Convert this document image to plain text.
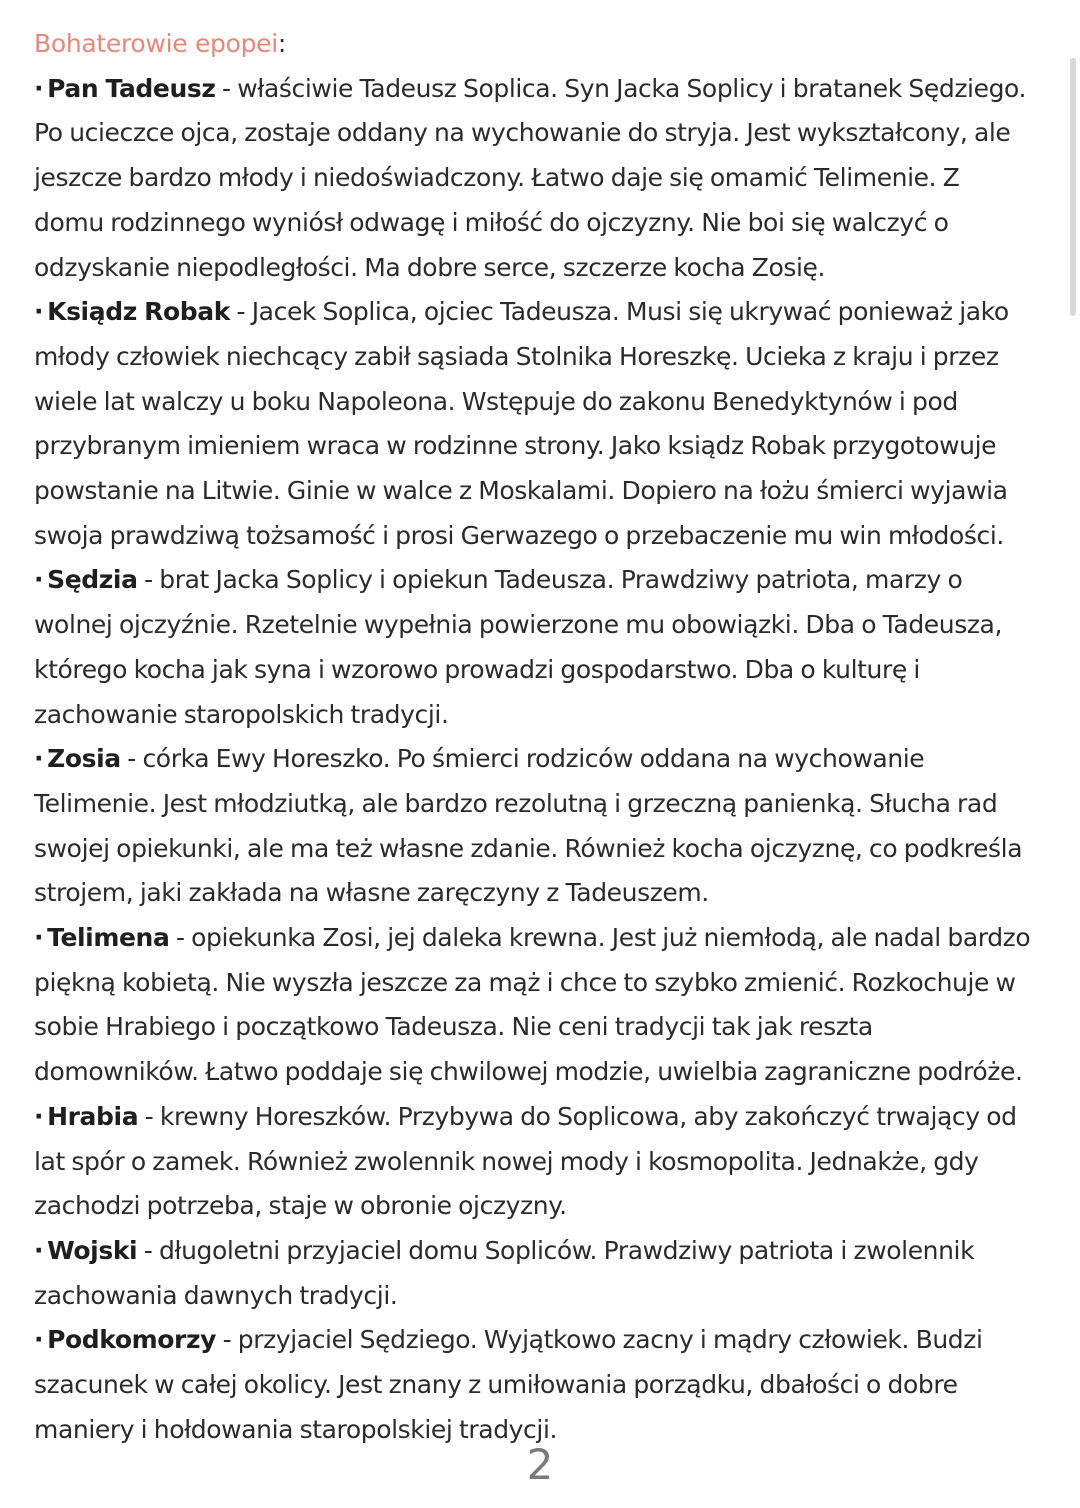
Bohaterowie epopei:

· Pan Tadeusz - właściwie Tadeusz Soplica. Syn Jacka Soplicy i bratanek Sędziego. Po ucieczce ojca, zostaje oddany na wychowanie do stryja. Jest wykształcony, ale jeszcze bardzo młody i niedoświadczony. Łatwo daje się omamić Telimenie. Z domu rodzinnego wyniósł odwagę i miłość do ojczyzny. Nie boi się walczyć o odzyskanie niepodległości. Ma dobre serce, szczerze kocha Zosię.

· Ksiądz Robak - Jacek Soplica, ojciec Tadeusza. Musi się ukrywać ponieważ jako młody człowiek niechcący zabił sąsiada Stolnika Horeszkę. Ucieka z kraju i przez wiele lat walczy u boku Napoleona. Wstępuje do zakonu Benedyktynów i pod przybranym imieniem wraca w rodzinne strony. Jako ksiądz Robak przygotowuje powstanie na Litwie. Ginie w walce z Moskalami. Dopiero na łożu śmierci wyjawia swoja prawdziwą tożsamość i prosi Gerwazego o przebaczenie mu win młodości.

· Sędzia - brat Jacka Soplicy i opiekun Tadeusza. Prawdziwy patriota, marzy o wolnej ojczyźnie. Rzetelnie wypełnia powierzone mu obowiązki. Dba o Tadeusza, którego kocha jak syna i wzorowo prowadzi gospodarstwo. Dba o kulturę i zachowanie staropolskich tradycji.

· Zosia - córka Ewy Horeszko. Po śmierci rodziców oddana na wychowanie Telimenie. Jest młodziutką, ale bardzo rezolutną i grzeczną panienką. Słucha rad swojej opiekunki, ale ma też własne zdanie. Również kocha ojczyznę, co podkreśla strojem, jaki zakłada na własne zaręczyny z Tadeuszem.

· Telimena - opiekunka Zosi, jej daleka krewna. Jest już niemłodą, ale nadal bardzo piękną kobietą. Nie wyszła jeszcze za mąż i chce to szybko zmienić. Rozkochuje w sobie Hrabiego i początkowo Tadeusza. Nie ceni tradycji tak jak reszta domowników. Łatwo poddaje się chwilowej modzie, uwielbia zagraniczne podróże.

· Hrabia - krewny Horeszków. Przybywa do Soplicowa, aby zakończyć trwający od lat spór o zamek. Również zwolennik nowej mody i kosmopolita. Jednakże, gdy zachodzi potrzeba, staje w obronie ojczyzny.

· Wojski - długoletni przyjaciel domu Sopliców. Prawdziwy patriota i zwolennik zachowania dawnych tradycji.

· Podkomorzy - przyjaciel Sędziego. Wyjątkowo zacny i mądry człowiek. Budzi szacunek w całej okolicy. Jest znany z umiłowania porządku, dbałości o dobre maniery i hołdowania staropolskiej tradycji.

2
